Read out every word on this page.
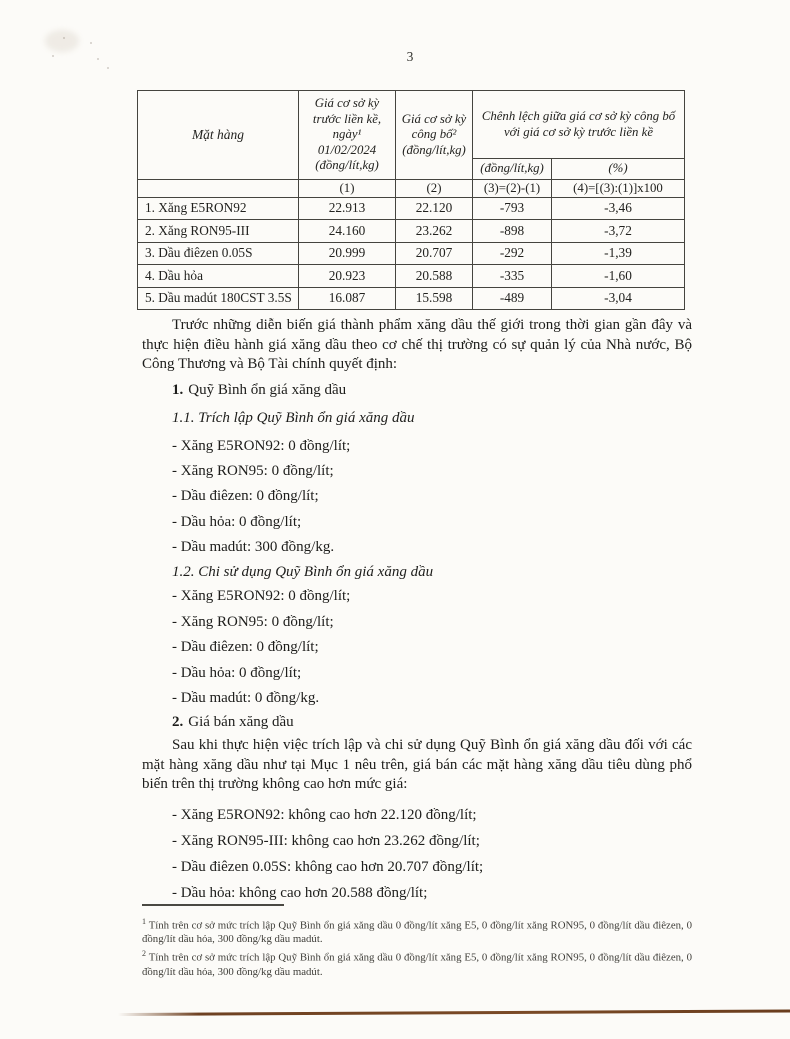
3
Mặt hàng	Giá cơ sở kỳ trước liền kề, ngày¹ 01/02/2024 (đồng/lít,kg)	Giá cơ sở kỳ công bố² (đồng/lít,kg)	Chênh lệch giữa giá cơ sở kỳ công bố với giá cơ sở kỳ trước liền kề	
			(đồng/lít,kg)	(%)
	(1)	(2)	(3)=(2)-(1)	(4)=[(3):(1)]x100
1. Xăng E5RON92	22.913	22.120	-793	-3,46
2. Xăng RON95-III	24.160	23.262	-898	-3,72
3. Dầu điêzen 0.05S	20.999	20.707	-292	-1,39
4. Dầu hỏa	20.923	20.588	-335	-1,60
5. Dầu madút 180CST 3.5S	16.087	15.598	-489	-3,04

Trước những diễn biến giá thành phẩm xăng dầu thế giới trong thời gian gần đây và thực hiện điều hành giá xăng dầu theo cơ chế thị trường có sự quản lý của Nhà nước, Bộ Công Thương và Bộ Tài chính quyết định:

1. Quỹ Bình ổn giá xăng dầu

1.1. Trích lập Quỹ Bình ổn giá xăng dầu

- Xăng E5RON92: 0 đồng/lít;
- Xăng RON95: 0 đồng/lít;
- Dầu điêzen: 0 đồng/lít;
- Dầu hỏa: 0 đồng/lít;
- Dầu madút: 300 đồng/kg.

1.2. Chi sử dụng Quỹ Bình ổn giá xăng dầu

- Xăng E5RON92: 0 đồng/lít;
- Xăng RON95: 0 đồng/lít;
- Dầu điêzen: 0 đồng/lít;
- Dầu hỏa: 0 đồng/lít;
- Dầu madút: 0 đồng/kg.

2. Giá bán xăng dầu

Sau khi thực hiện việc trích lập và chi sử dụng Quỹ Bình ổn giá xăng dầu đối với các mặt hàng xăng dầu như tại Mục 1 nêu trên, giá bán các mặt hàng xăng dầu tiêu dùng phổ biến trên thị trường không cao hơn mức giá:

- Xăng E5RON92: không cao hơn 22.120 đồng/lít;
- Xăng RON95-III: không cao hơn 23.262 đồng/lít;
- Dầu điêzen 0.05S: không cao hơn 20.707 đồng/lít;
- Dầu hỏa: không cao hơn 20.588 đồng/lít;

$^1$ Tính trên cơ sở mức trích lập Quỹ Bình ổn giá xăng dầu 0 đồng/lít xăng E5, 0 đồng/lít xăng RON95, 0 đồng/lít dầu điêzen, 0 đồng/lít dầu hỏa, 300 đồng/kg dầu madút.

$^2$ Tính trên cơ sở mức trích lập Quỹ Bình ổn giá xăng dầu 0 đồng/lít xăng E5, 0 đồng/lít xăng RON95, 0 đồng/lít dầu điêzen, 0 đồng/lít dầu hỏa, 300 đồng/kg dầu madút.
